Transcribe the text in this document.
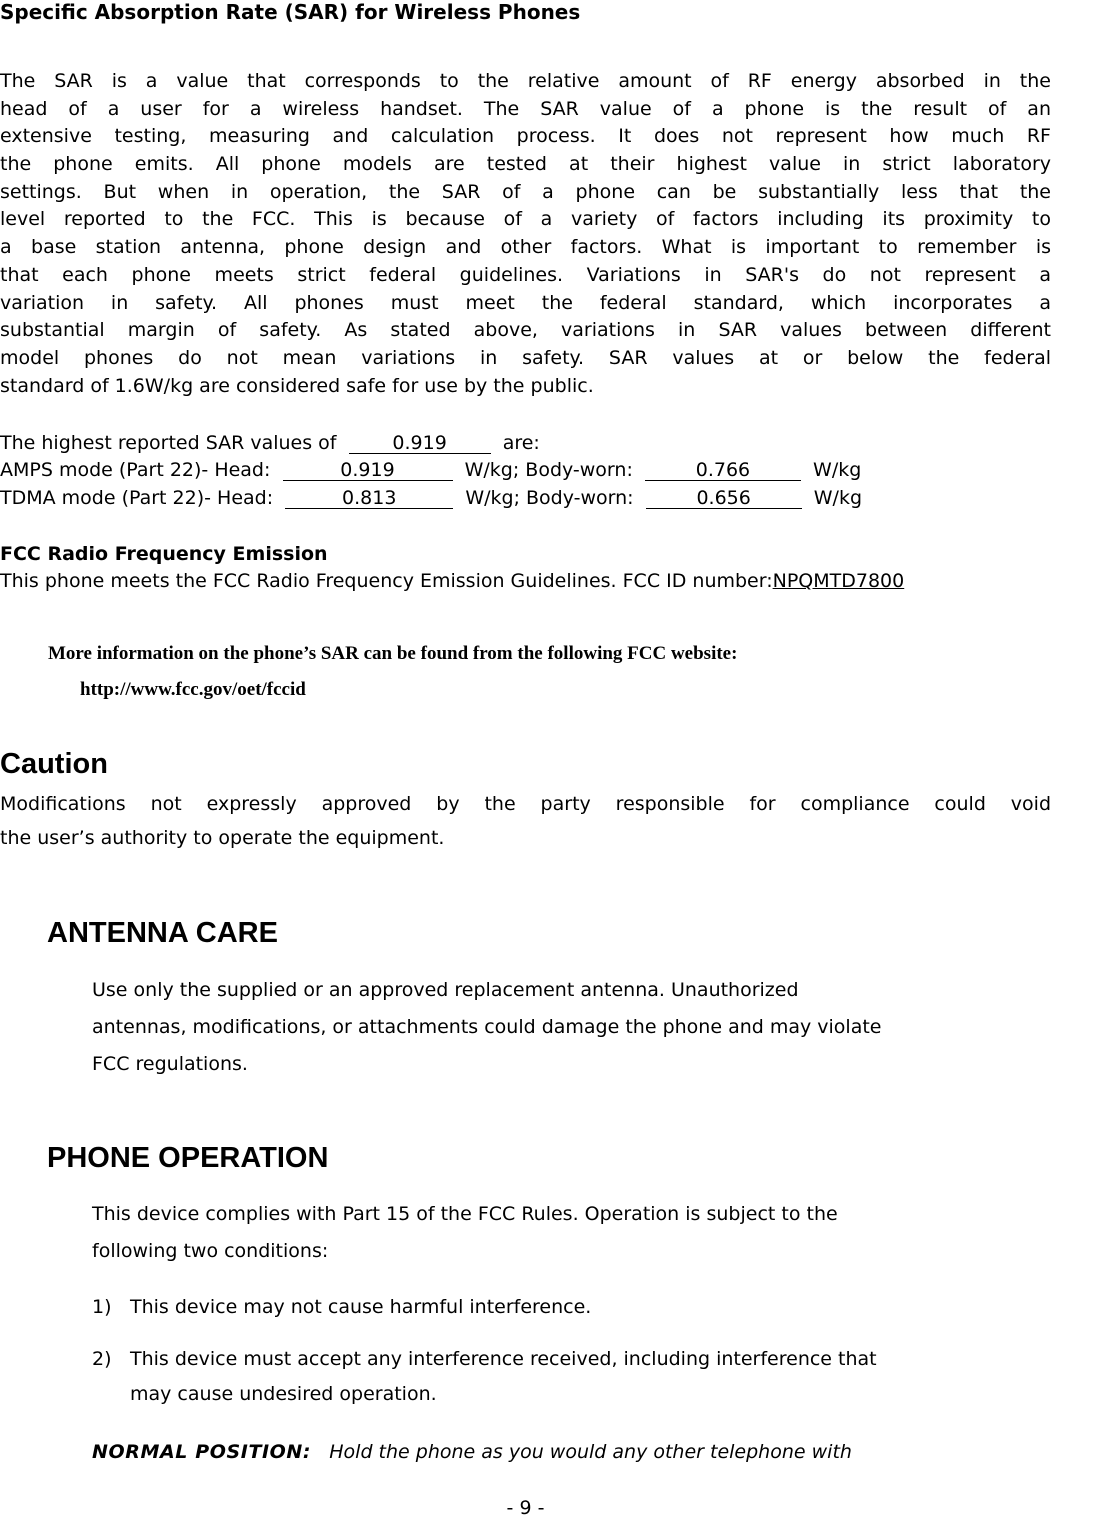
Specific Absorption Rate (SAR) for Wireless Phones
The SAR is a value that corresponds to the relative amount of RF energy absorbed in the
head of a user for a wireless handset. The SAR value of a phone is the result of an
extensive testing, measuring and calculation process. It does not represent how much RF
the phone emits. All phone models are tested at their highest value in strict laboratory
settings. But when in operation, the SAR of a phone can be substantially less that the
level reported to the FCC. This is because of a variety of factors including its proximity to
a base station antenna, phone design and other factors. What is important to remember is
that each phone meets strict federal guidelines. Variations in SAR's do not represent a
variation in safety. All phones must meet the federal standard, which incorporates a
substantial margin of safety. As stated above, variations in SAR values between different
model phones do not mean variations in safety. SAR values at or below the federal
standard of 1.6W/kg are considered safe for use by the public.
The highest reported SAR values of	0.919	are:
AMPS mode (Part 22)- Head:	0.919	W/kg; Body-worn:	0.766	W/kg
TDMA mode (Part 22)- Head:	0.813	W/kg; Body-worn:	0.656	W/kg
FCC Radio Frequency Emission
This phone meets the FCC Radio Frequency Emission Guidelines. FCC ID number:NPQMTD7800
More information on the phone’s SAR can be found from the following FCC website:
http://www.fcc.gov/oet/fccid
Caution
Modifications not expressly approved by the party responsible for compliance could void
the user’s authority to operate the equipment.
ANTENNA CARE
Use only the supplied or an approved replacement antenna. Unauthorized
antennas, modifications, or attachments could damage the phone and may violate
FCC regulations.
PHONE OPERATION
This device complies with Part 15 of the FCC Rules. Operation is subject to the
following two conditions:
1) This device may not cause harmful interference.
2) This device must accept any interference received, including interference that
may cause undesired operation.
NORMAL POSITION: Hold the phone as you would any other telephone with
- 9 -
